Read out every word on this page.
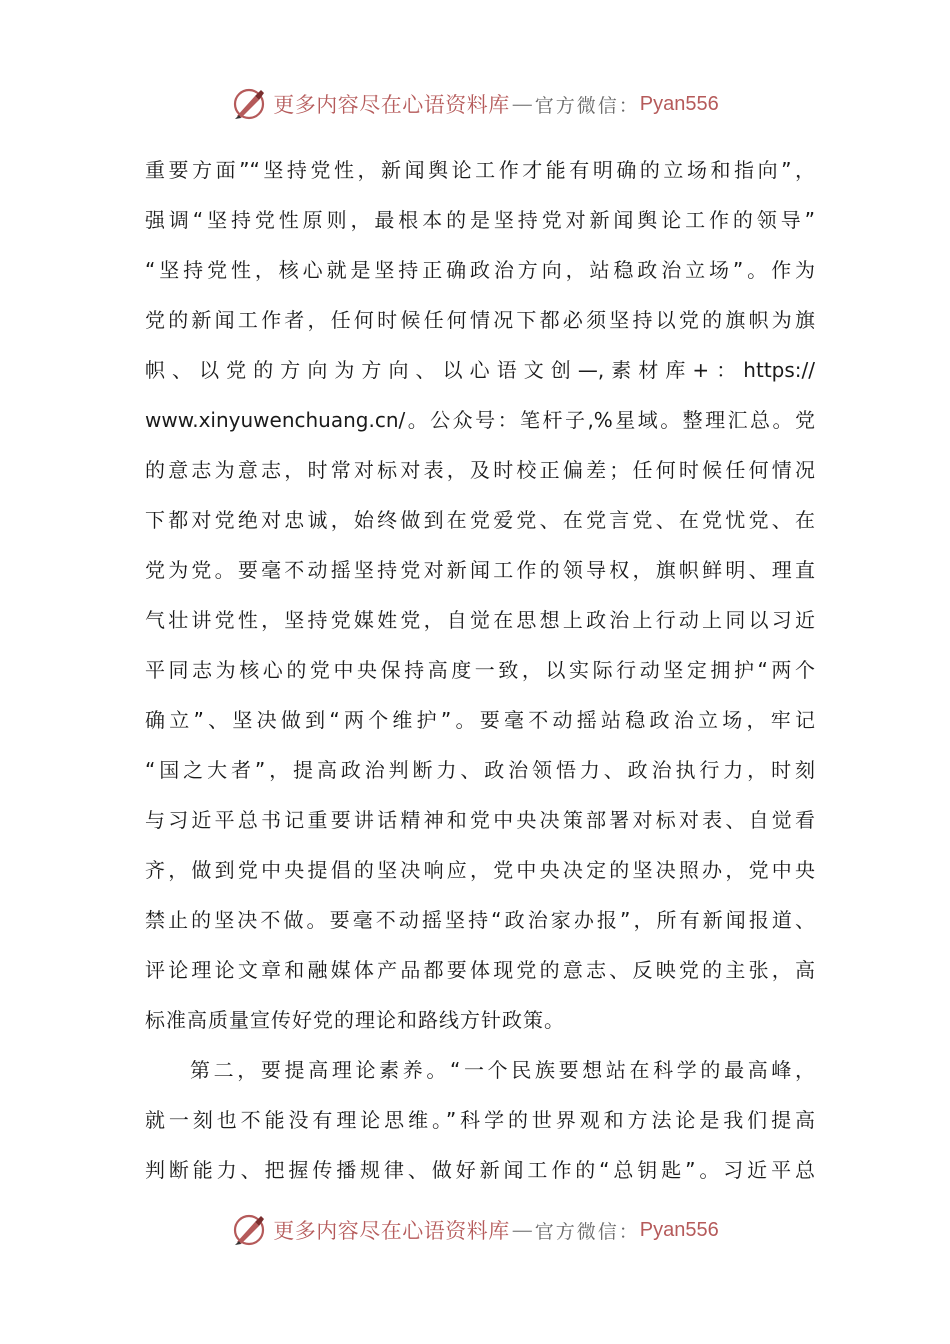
更多内容尽在心语资料库 — 官方微信： Pyan556
重要方面”“坚持党性，新闻舆论工作才能有明确的立场和指向”，
强调“坚持党性原则，最根本的是坚持党对新闻舆论工作的领导”
“坚持党性，核心就是坚持正确政治方向，站稳政治立场”。作为
党的新闻工作者，任何时候任何情况下都必须坚持以党的旗帜为旗
帜、以党的方向为方向、以心语文创—,素材库+：https://
www.xinyuwenchuang.cn/。公众号：笔杆子,%星域。整理汇总。党
的意志为意志，时常对标对表，及时校正偏差；任何时候任何情况
下都对党绝对忠诚，始终做到在党爱党、在党言党、在党忧党、在
党为党。要毫不动摇坚持党对新闻工作的领导权，旗帜鲜明、理直
气壮讲党性，坚持党媒姓党，自觉在思想上政治上行动上同以习近
平同志为核心的党中央保持高度一致，以实际行动坚定拥护“两个
确立”、坚决做到“两个维护”。要毫不动摇站稳政治立场，牢记
“国之大者”，提高政治判断力、政治领悟力、政治执行力，时刻
与习近平总书记重要讲话精神和党中央决策部署对标对表、自觉看
齐，做到党中央提倡的坚决响应，党中央决定的坚决照办，党中央
禁止的坚决不做。要毫不动摇坚持“政治家办报”，所有新闻报道、
评论理论文章和融媒体产品都要体现党的意志、反映党的主张，高
标准高质量宣传好党的理论和路线方针政策。
第二，要提高理论素养。“一个民族要想站在科学的最高峰，
就一刻也不能没有理论思维。”科学的世界观和方法论是我们提高
判断能力、把握传播规律、做好新闻工作的“总钥匙”。习近平总
更多内容尽在心语资料库 — 官方微信： Pyan556
